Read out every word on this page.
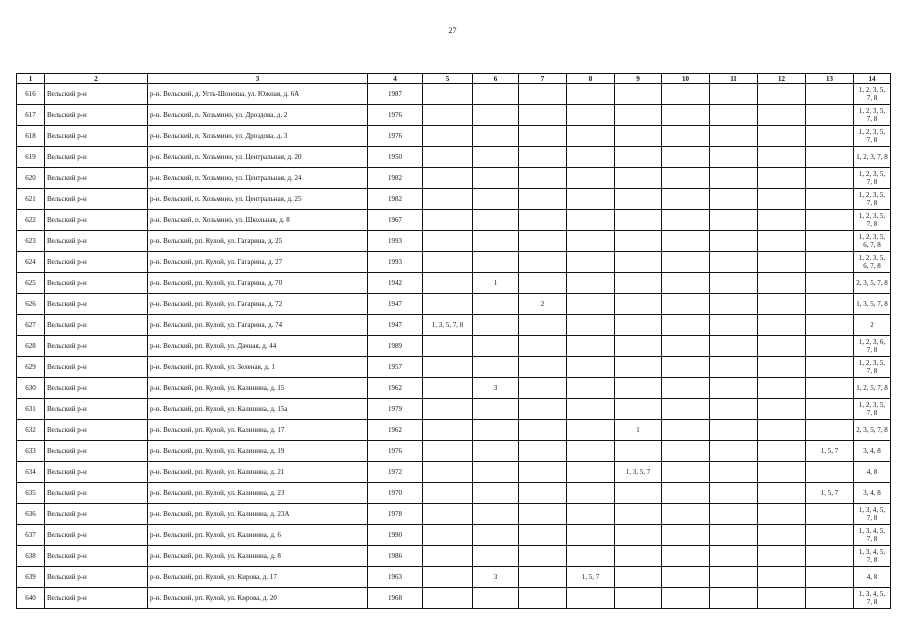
27
1	2	3	4	5	6	7	8	9	10	11	12	13	14
616	Вельский р-н	р-н. Вельский, д. Усть-Шоноша, ул. Южная, д. 6А	1987										1, 2, 3, 5, 7, 8
617	Вельский р-н	р-н. Вельский, п. Хозьмино, ул. Дроздова, д. 2	1976										1, 2, 3, 5, 7, 8
618	Вельский р-н	р-н. Вельский, п. Хозьмино, ул. Дроздова, д. 3	1976										1, 2, 3, 5, 7, 8
619	Вельский р-н	р-н. Вельский, п. Хозьмино, ул. Центральная, д. 20	1950										1, 2, 3, 7, 8
620	Вельский р-н	р-н. Вельский, п. Хозьмино, ул. Центральная, д. 24	1982										1, 2, 3, 5, 7, 8
621	Вельский р-н	р-н. Вельский, п. Хозьмино, ул. Центральная, д. 25	1982										1, 2, 3, 5, 7, 8
622	Вельский р-н	р-н. Вельский, п. Хозьмино, ул. Школьная, д. 8	1967										1, 2, 3, 5, 7, 8
623	Вельский р-н	р-н. Вельский, рп. Кулой, ул. Гагарина, д. 25	1993										1, 2, 3, 5, 6, 7, 8
624	Вельский р-н	р-н. Вельский, рп. Кулой, ул. Гагарина, д. 27	1993										1, 2, 3, 5, 6, 7, 8
625	Вельский р-н	р-н. Вельский, рп. Кулой, ул. Гагарина, д. 70	1942		1								2, 3, 5, 7, 8
626	Вельский р-н	р-н. Вельский, рп. Кулой, ул. Гагарина, д. 72	1947			2							1, 3, 5, 7, 8
627	Вельский р-н	р-н. Вельский, рп. Кулой, ул. Гагарина, д. 74	1947	1, 3, 5, 7, 8									2
628	Вельский р-н	р-н. Вельский, рп. Кулой, ул. Дачная, д. 44	1989										1, 2, 3, 6, 7, 8
629	Вельский р-н	р-н. Вельский, рп. Кулой, ул. Зеленая, д. 1	1957										1, 2, 3, 5, 7, 8
630	Вельский р-н	р-н. Вельский, рп. Кулой, ул. Калинина, д. 15	1962		3								1, 2, 5, 7, 8
631	Вельский р-н	р-н. Вельский, рп. Кулой, ул. Калинина, д. 15а	1979										1, 2, 3, 5, 7, 8
632	Вельский р-н	р-н. Вельский, рп. Кулой, ул. Калинина, д. 17	1962					1					2, 3, 5, 7, 8
633	Вельский р-н	р-н. Вельский, рп. Кулой, ул. Калинина, д. 19	1976									1, 5, 7	3, 4, 8
634	Вельский р-н	р-н. Вельский, рп. Кулой, ул. Калинина, д. 21	1972					1, 3, 5, 7					4, 8
635	Вельский р-н	р-н. Вельский, рп. Кулой, ул. Калинина, д. 23	1970									1, 5, 7	3, 4, 8
636	Вельский р-н	р-н. Вельский, рп. Кулой, ул. Калинина, д. 23А	1978										1, 3, 4, 5, 7, 8
637	Вельский р-н	р-н. Вельский, рп. Кулой, ул. Калинина, д. 6	1990										1, 3, 4, 5, 7, 8
638	Вельский р-н	р-н. Вельский, рп. Кулой, ул. Калинина, д. 8	1986										1, 3, 4, 5, 7, 8
639	Вельский р-н	р-н. Вельский, рп. Кулой, ул. Кирова, д. 17	1963		3		1, 5, 7						4, 8
640	Вельский р-н	р-н. Вельский, рп. Кулой, ул. Кирова, д. 20	1968										1, 3, 4, 5, 7, 8
